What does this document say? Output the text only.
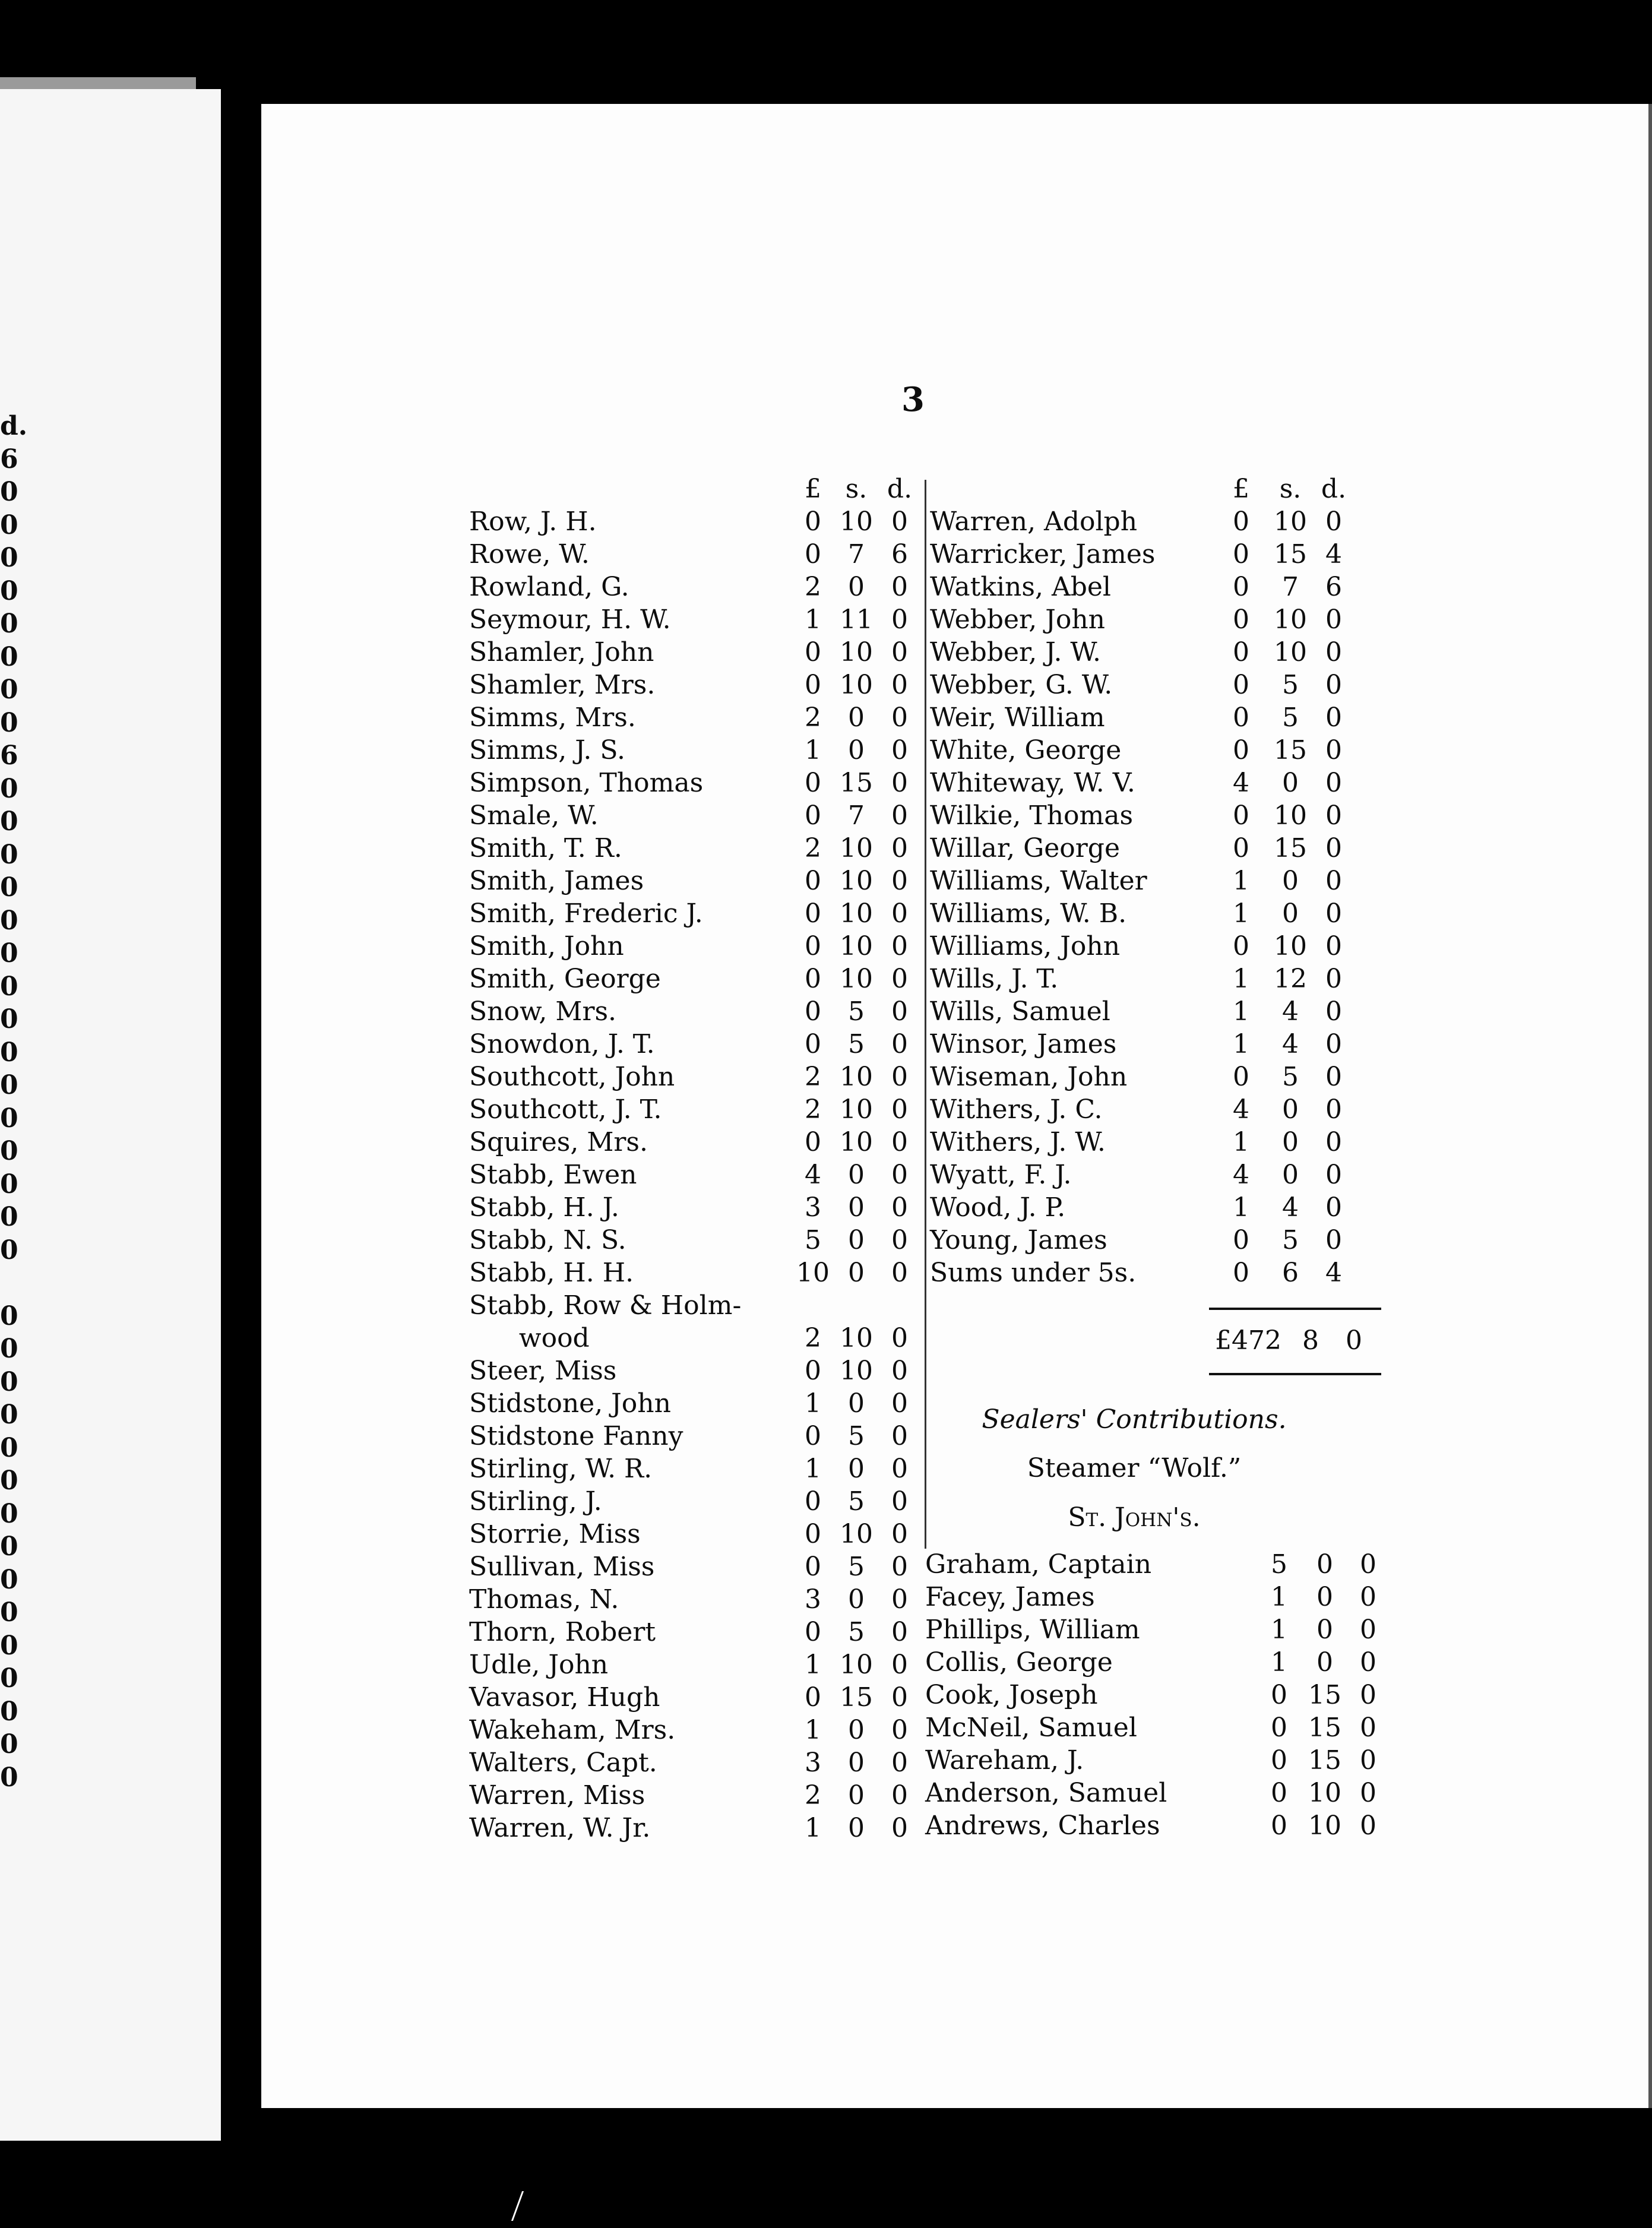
d.
6
0
0
0
0
0
0
0
0
6
0
0
0
0
0
0
0
0
0
0
0
0
0
0
0
0
0
0
0
0
0
0
0
0
0
0
0
0
0
0
3
	£	s.	d.
Row, J. H.	0	10	0
Rowe, W.	0	7	6
Rowland, G.	2	0	0
Seymour, H. W.	1	11	0
Shamler, John	0	10	0
Shamler, Mrs.	0	10	0
Simms, Mrs.	2	0	0
Simms, J. S.	1	0	0
Simpson, Thomas	0	15	0
Smale, W.	0	7	0
Smith, T. R.	2	10	0
Smith, James	0	10	0
Smith, Frederic J.	0	10	0
Smith, John	0	10	0
Smith, George	0	10	0
Snow, Mrs.	0	5	0
Snowdon, J. T.	0	5	0
Southcott, John	2	10	0
Southcott, J. T.	2	10	0
Squires, Mrs.	0	10	0
Stabb, Ewen	4	0	0
Stabb, H. J.	3	0	0
Stabb, N. S.	5	0	0
Stabb, H. H.	10	0	0
Stabb, Row & Holm-			
wood	2	10	0
Steer, Miss	0	10	0
Stidstone, John	1	0	0
Stidstone Fanny	0	5	0
Stirling, W. R.	1	0	0
Stirling, J.	0	5	0
Storrie, Miss	0	10	0
Sullivan, Miss	0	5	0
Thomas, N.	3	0	0
Thorn, Robert	0	5	0
Udle, John	1	10	0
Vavasor, Hugh	0	15	0
Wakeham, Mrs.	1	0	0
Walters, Capt.	3	0	0
Warren, Miss	2	0	0
Warren, W. Jr.	1	0	0
	£	s.	d.
Warren, Adolph	0	10	0
Warricker, James	0	15	4
Watkins, Abel	0	7	6
Webber, John	0	10	0
Webber, J. W.	0	10	0
Webber, G. W.	0	5	0
Weir, William	0	5	0
White, George	0	15	0
Whiteway, W. V.	4	0	0
Wilkie, Thomas	0	10	0
Willar, George	0	15	0
Williams, Walter	1	0	0
Williams, W. B.	1	0	0
Williams, John	0	10	0
Wills, J. T.	1	12	0
Wills, Samuel	1	4	0
Winsor, James	1	4	0
Wiseman, John	0	5	0
Withers, J. C.	4	0	0
Withers, J. W.	1	0	0
Wyatt, F. J.	4	0	0
Wood, J. P.	1	4	0
Young, James	0	5	0
Sums under 5s.	0	6	4
£472 8 0
Sealers' Contributions.
Steamer “Wolf.”
St. John's.
Graham, Captain	5	0	0
Facey, James	1	0	0
Phillips, William	1	0	0
Collis, George	1	0	0
Cook, Joseph	0	15	0
McNeil, Samuel	0	15	0
Wareham, J.	0	15	0
Anderson, Samuel	0	10	0
Andrews, Charles	0	10	0
